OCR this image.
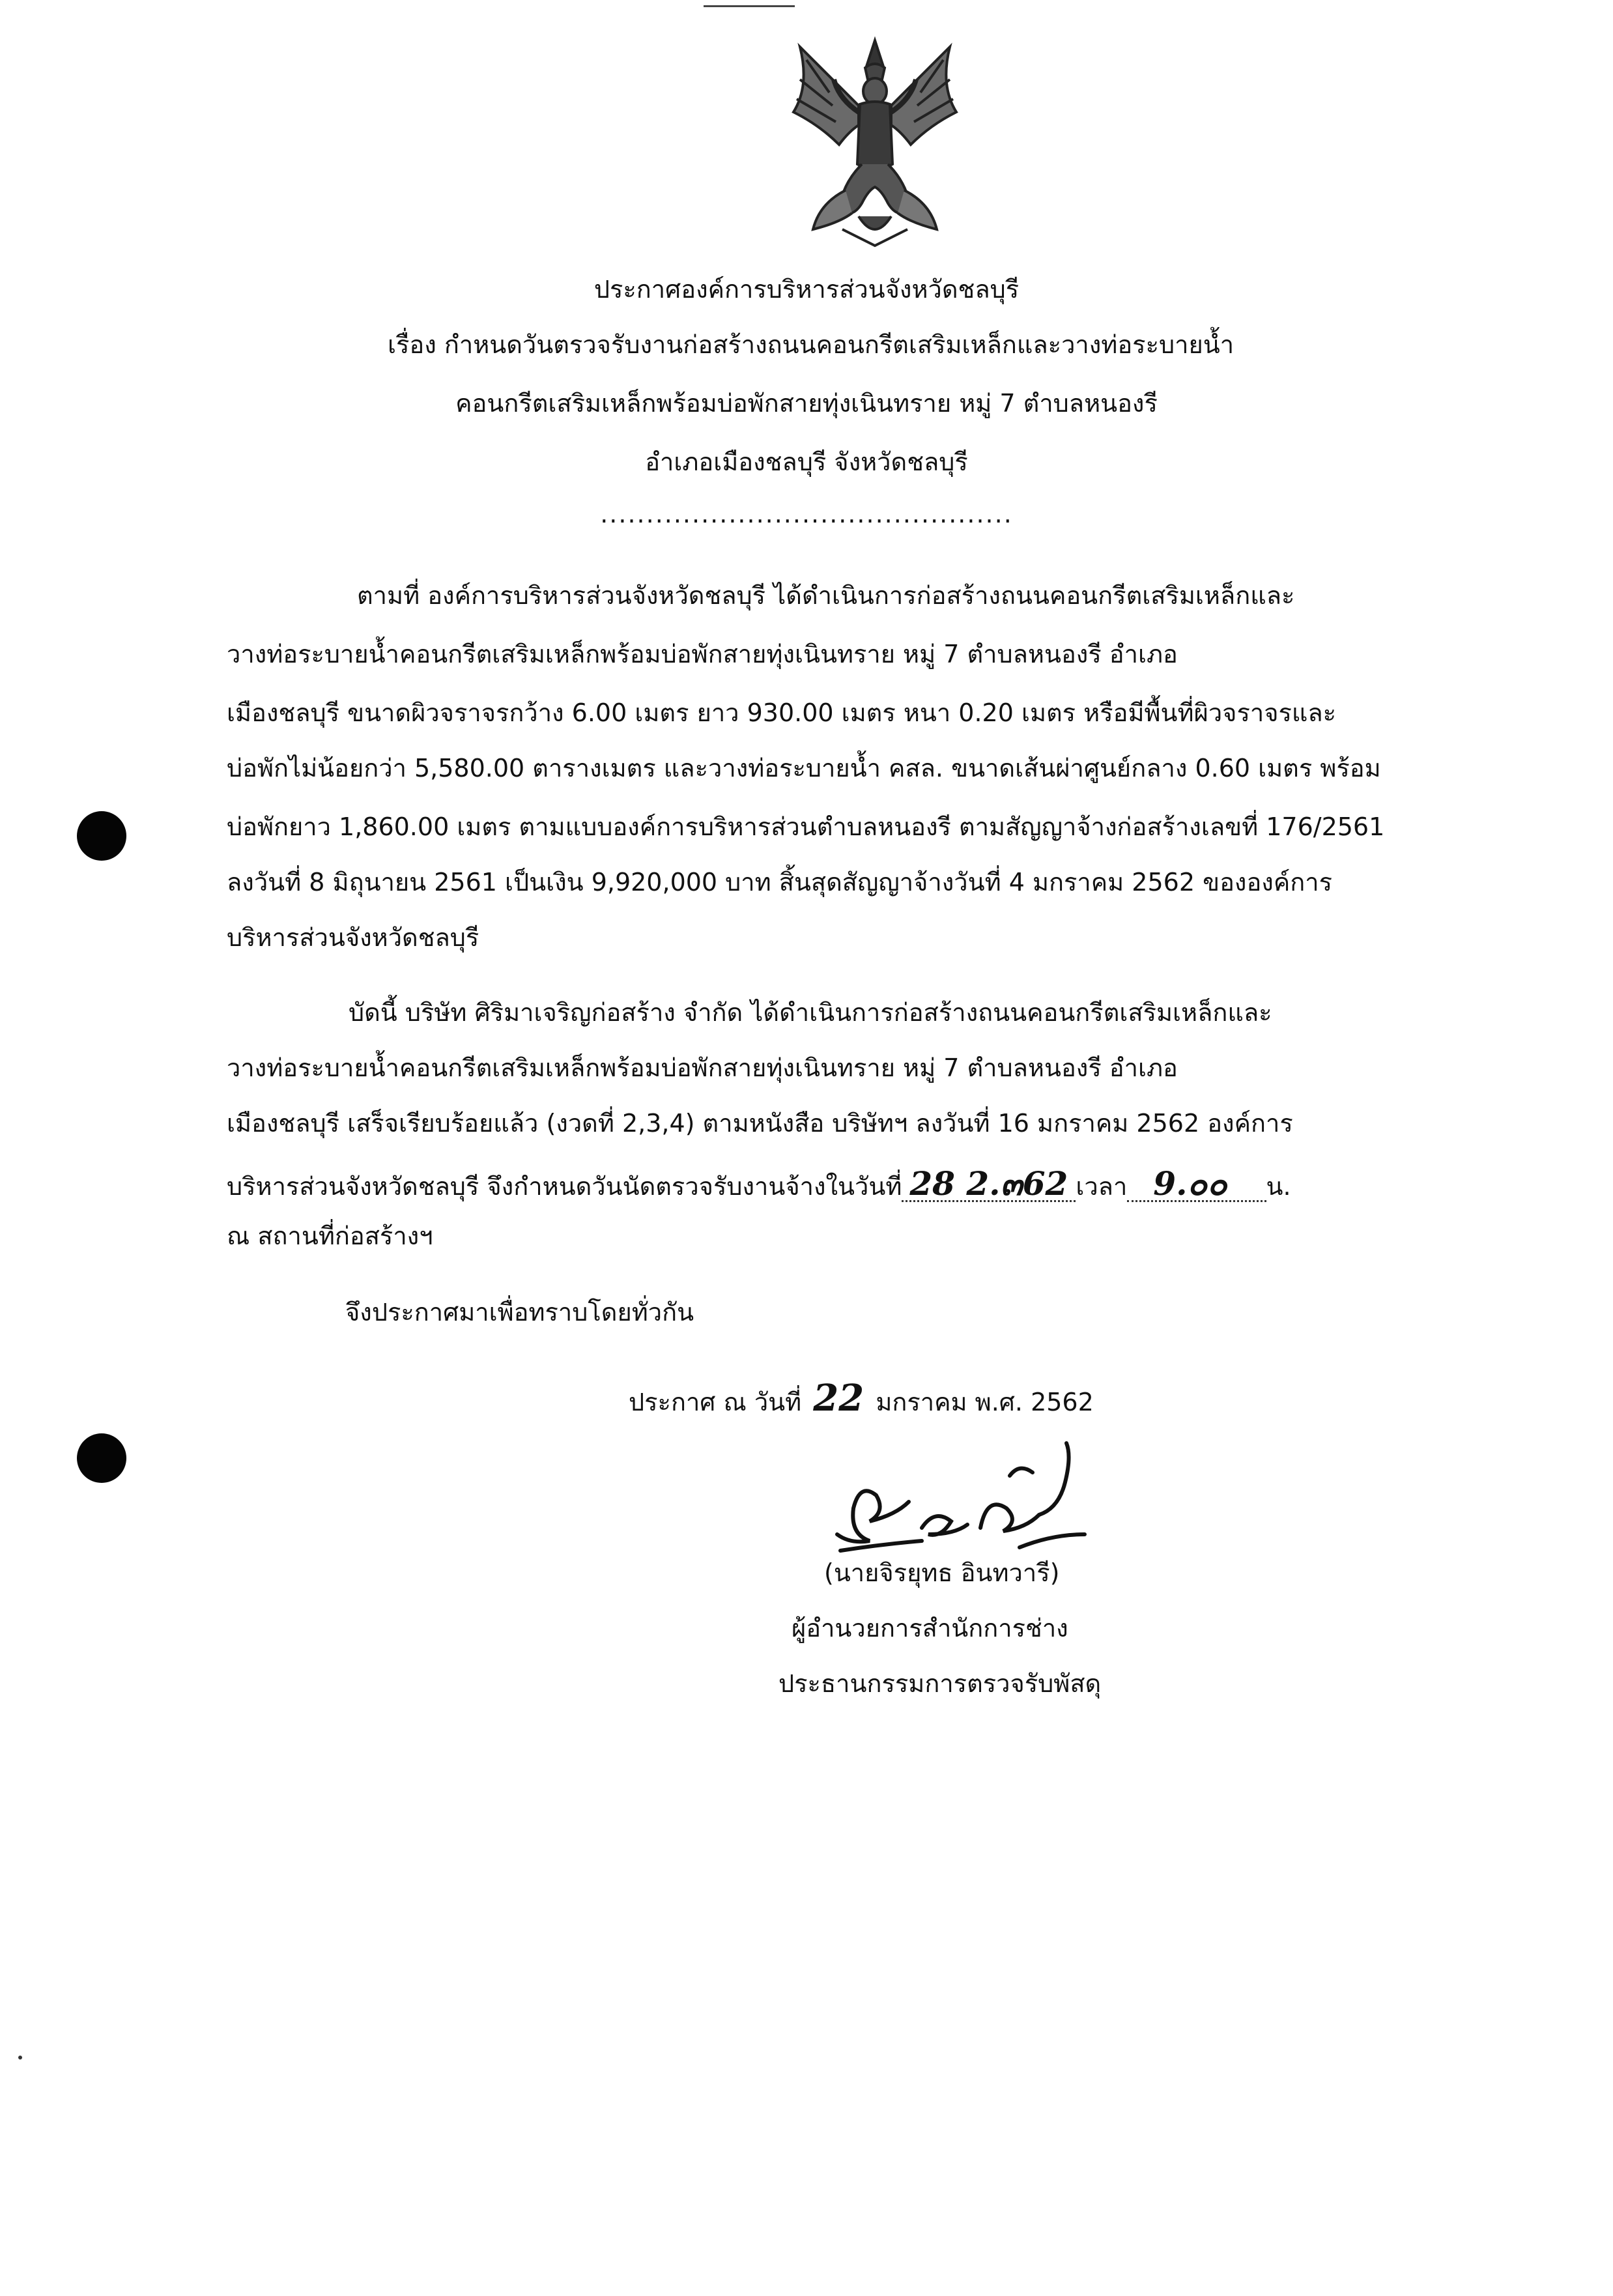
ประกาศองค์การบริหารส่วนจังหวัดชลบุรี
เรื่อง กำหนดวันตรวจรับงานก่อสร้างถนนคอนกรีตเสริมเหล็กและวางท่อระบายน้ำ
คอนกรีตเสริมเหล็กพร้อมบ่อพักสายทุ่งเนินทราย หมู่ 7 ตำบลหนองรี
อำเภอเมืองชลบุรี จังหวัดชลบุรี
.............................................
ตามที่ องค์การบริหารส่วนจังหวัดชลบุรี ได้ดำเนินการก่อสร้างถนนคอนกรีตเสริมเหล็กและ
วางท่อระบายน้ำคอนกรีตเสริมเหล็กพร้อมบ่อพักสายทุ่งเนินทราย หมู่ 7 ตำบลหนองรี อำเภอ
เมืองชลบุรี ขนาดผิวจราจรกว้าง 6.00 เมตร ยาว 930.00 เมตร หนา 0.20 เมตร หรือมีพื้นที่ผิวจราจรและ
บ่อพักไม่น้อยกว่า 5,580.00 ตารางเมตร และวางท่อระบายน้ำ คสล. ขนาดเส้นผ่าศูนย์กลาง 0.60 เมตร พร้อม
บ่อพักยาว 1,860.00 เมตร ตามแบบองค์การบริหารส่วนตำบลหนองรี ตามสัญญาจ้างก่อสร้างเลขที่ 176/2561
ลงวันที่ 8 มิถุนายน 2561 เป็นเงิน 9,920,000 บาท สิ้นสุดสัญญาจ้างวันที่ 4 มกราคม 2562 ขององค์การ
บริหารส่วนจังหวัดชลบุรี
บัดนี้ บริษัท ศิริมาเจริญก่อสร้าง จำกัด ได้ดำเนินการก่อสร้างถนนคอนกรีตเสริมเหล็กและ
วางท่อระบายน้ำคอนกรีตเสริมเหล็กพร้อมบ่อพักสายทุ่งเนินทราย หมู่ 7 ตำบลหนองรี อำเภอ
เมืองชลบุรี เสร็จเรียบร้อยแล้ว (งวดที่ 2,3,4) ตามหนังสือ บริษัทฯ ลงวันที่ 16 มกราคม 2562 องค์การ
บริหารส่วนจังหวัดชลบุรี จึงกำหนดวันนัดตรวจรับงานจ้างในวันที่ 28 2.๓62 เวลา 9.๐๐ น.
ณ สถานที่ก่อสร้างฯ
จึงประกาศมาเพื่อทราบโดยทั่วกัน
ประกาศ ณ วันที่ 22 มกราคม พ.ศ. 2562
(นายจิรยุทธ อินทวารี)
ผู้อำนวยการสำนักการช่าง
ประธานกรรมการตรวจรับพัสดุ
